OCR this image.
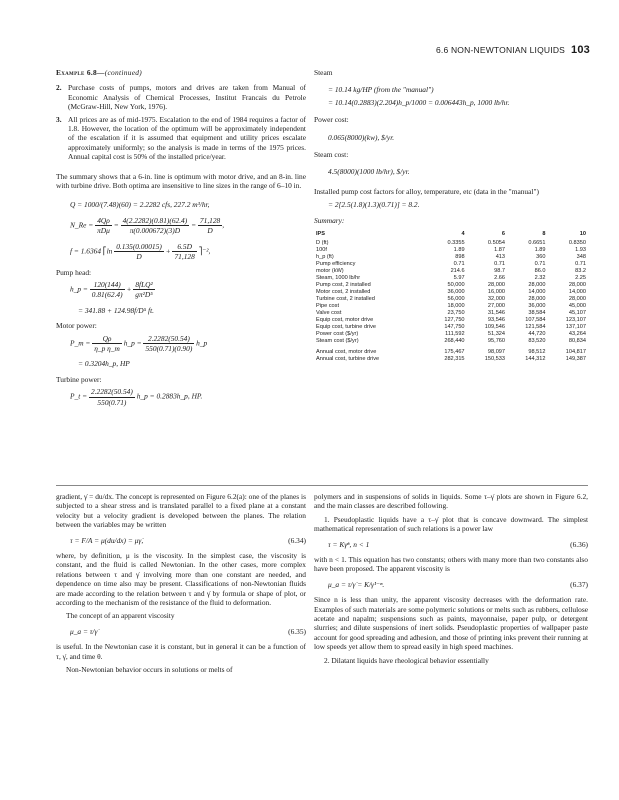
6.6 NON-NEWTONIAN LIQUIDS 103
Example 6.8—(continued)
2. Purchase costs of pumps, motors and drives are taken from Manual of Economic Analysis of Chemical Processes, Institut Francais du Petrole (McGraw-Hill, New York, 1976).
3. All prices are as of mid-1975. Escalation to the end of 1984 requires a factor of 1.8. However, the location of the optimum will be approximately independent of the escalation if it is assumed that equipment and utility prices escalate approximately uniformly; so the analysis is made in terms of the 1975 prices. Annual capital cost is 50% of the installed price/year.

The summary shows that a 6-in. line is optimum with motor drive, and an 8-in. line with turbine drive. Both optima are insensitive to line sizes in the range of 6–10 in.

Q = 1000/(7.48)(60) = 2.2282 cfs, 227.2 m³/hr,
N_Re = $\frac{4Q\rho}{\text{πDμ}} = \frac{4(2.2282)(0.81)(62.4)}{\pi(0.000672)(3)D} = \frac{71,128}{D}$ ,
f = 1.6364 ⎡ln $\frac{0.135(0.00015)}{D} + \frac{6.5D}{71,128}$ ⎤⁻²,
Pump head:
h_p = $\frac{120(144)}{0.81(62.4)} + \frac{\text{8fLQ²}}{\text{gπ²D⁵}}$
= 341.88 + 124.98f/D⁵ ft.
Motor power:
P_m = $\frac{Q\rho}{\text{η\_p η\_m}}$ h_p = $\frac{2.2282(50.54)}{550(0.71)(0.90)}$ h_p
= 0.3204h_p, HP
Turbine power:
P_t = $\frac{2.2282(50.54)}{550(0.71)}$ h_p = 0.2883h_p, HP.
Steam
= 10.14 kg/HP (from the "manual")
= 10.14(0.2883)(2.204)h_p/1000 = 0.006443h_p, 1000 lb/hr.
Power cost:
0.065(8000)(kw), $/yr.
Steam cost:
4.5(8000)(1000 lb/hr), $/yr.

Installed pump cost factors for alloy, temperature, etc (data in the "manual")

= 2[2.5(1.8)(1.3)(0.71)] = 8.2.
Summary:
IPS	4	6	8	10
D (ft)	0.3355	0.5054	0.6651	0.8350
100f	1.89	1.87	1.89	1.93
h_p (ft)	898	413	360	348
Pump efficiency	0.71	0.71	0.71	0.71
motor (kW)	214.6	98.7	86.0	83.2
Steam, 1000 lb/hr	5.97	2.66	2.32	2.25
Pump cost, 2 installed	50,000	28,000	28,000	28,000
Motor cost, 2 installed	36,000	16,000	14,000	14,000
Turbine cost, 2 installed	56,000	32,000	28,000	28,000
Pipe cost	18,000	27,000	36,000	45,000
Valve cost	23,750	31,546	38,584	45,107
Equip cost, motor drive	127,750	93,546	107,584	123,107
Equip cost, turbine drive	147,750	109,546	121,584	137,107
Power cost ($/yr)	111,592	51,324	44,720	43,264
Steam cost ($/yr)	268,440	95,760	83,520	80,834
Annual cost, motor drive	175,467	98,097	98,512	104,817
Annual cost, turbine drive	282,315	150,533	144,312	149,387

gradient, γ̇ = du/dx. The concept is represented on Figure 6.2(a): one of the planes is subjected to a shear stress and is translated parallel to a fixed plane at a constant velocity but a velocity gradient is developed between the planes. The relation between the variables may be written

τ = F/A = μ(du/dx) = μγ̇,	(6.34)

where, by definition, μ is the viscosity. In the simplest case, the viscosity is constant, and the fluid is called Newtonian. In the other cases, more complex relations between τ and γ̇ involving more than one constant are needed, and dependence on time also may be present. Classifications of non-Newtonian fluids are made according to the relation between τ and γ̇ by formula or shape of plot, or according to the mechanism of the resistance of the fluid to deformation.

The concept of an apparent viscosity

μ_a = τ/γ̇	(6.35)

is useful. In the Newtonian case it is constant, but in general it can be a function of τ, γ̇, and time θ.

Non-Newtonian behavior occurs in solutions or melts of

polymers and in suspensions of solids in liquids. Some τ–γ̇ plots are shown in Figure 6.2, and the main classes are described following.

1. Pseudoplastic liquids have a τ–γ̇ plot that is concave downward. The simplest mathematical representation of such relations is a power law

τ = Kγ̇ⁿ, n < 1	(6.36)

with n < 1. This equation has two constants; others with many more than two constants also have been proposed. The apparent viscosity is

μ_a = τ/γ̇ = K/γ̇¹⁻ⁿ.	(6.37)

Since n is less than unity, the apparent viscosity decreases with the deformation rate. Examples of such materials are some polymeric solutions or melts such as rubbers, cellulose acetate and napalm; suspensions such as paints, mayonnaise, paper pulp, or detergent slurries; and dilute suspensions of inert solids. Pseudoplastic properties of wallpaper paste account for good spreading and adhesion, and those of printing inks prevent their running at low speeds yet allow them to spread easily in high speed machines.

2. Dilatant liquids have rheological behavior essentially
